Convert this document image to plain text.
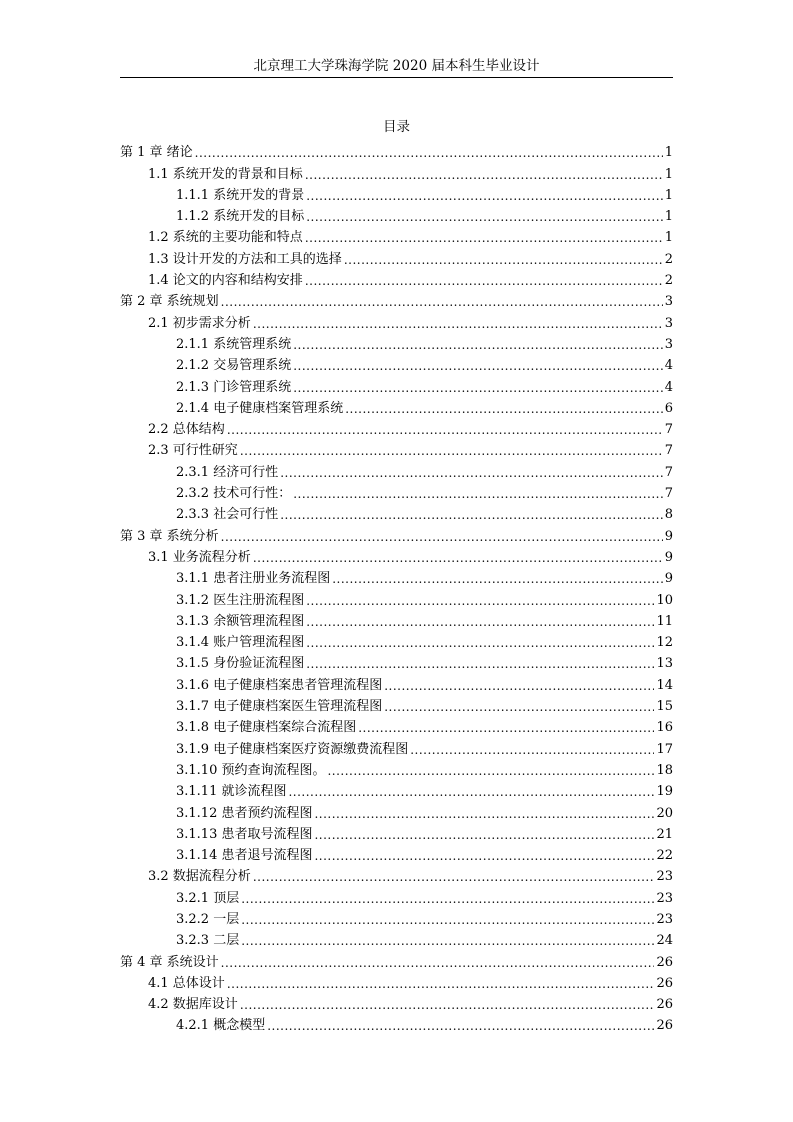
北京理工大学珠海学院 2020 届本科生毕业设计
目录
第 1 章 绪论 .....	1
1.1 系统开发的背景和目标 .....	1
1.1.1 系统开发的背景 .....	1
1.1.2 系统开发的目标 .....	1
1.2 系统的主要功能和特点 .....	1
1.3 设计开发的方法和工具的选择 .....	2
1.4 论文的内容和结构安排 .....	2
第 2 章 系统规划 .....	3
2.1 初步需求分析 .....	3
2.1.1 系统管理系统 .....	3
2.1.2 交易管理系统 .....	4
2.1.3 门诊管理系统 .....	4
2.1.4 电子健康档案管理系统 .....	6
2.2 总体结构 .....	7
2.3 可行性研究 .....	7
2.3.1 经济可行性 .....	7
2.3.2 技术可行性： .....	7
2.3.3 社会可行性 .....	8
第 3 章 系统分析 .....	9
3.1 业务流程分析 .....	9
3.1.1 患者注册业务流程图 .....	9
3.1.2 医生注册流程图 .....	10
3.1.3 余额管理流程图 .....	11
3.1.4 账户管理流程图 .....	12
3.1.5 身份验证流程图 .....	13
3.1.6 电子健康档案患者管理流程图 .....	14
3.1.7 电子健康档案医生管理流程图 .....	15
3.1.8 电子健康档案综合流程图 .....	16
3.1.9 电子健康档案医疗资源缴费流程图 .....	17
3.1.10 预约查询流程图。 .....	18
3.1.11 就诊流程图 .....	19
3.1.12 患者预约流程图 .....	20
3.1.13 患者取号流程图 .....	21
3.1.14 患者退号流程图 .....	22
3.2 数据流程分析 .....	23
3.2.1 顶层 .....	23
3.2.2 一层 .....	23
3.2.3 二层 .....	24
第 4 章 系统设计 .....	26
4.1 总体设计 .....	26
4.2 数据库设计 .....	26
4.2.1 概念模型 .....	26
